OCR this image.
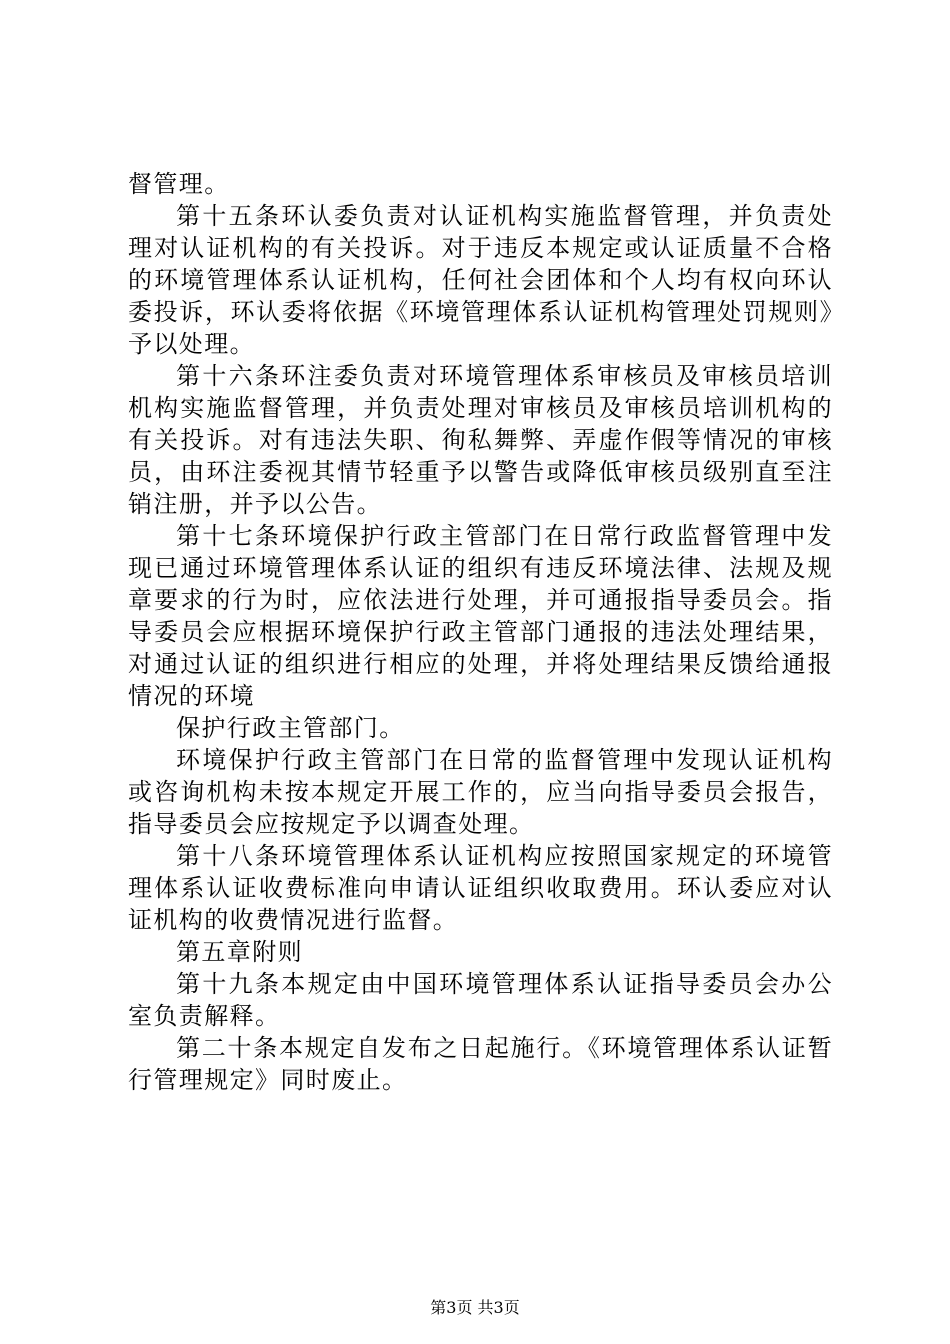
督管理。

第十五条环认委负责对认证机构实施监督管理，并负责处理对认证机构的有关投诉。对于违反本规定或认证质量不合格的环境管理体系认证机构，任何社会团体和个人均有权向环认委投诉，环认委将依据《环境管理体系认证机构管理处罚规则》予以处理。

第十六条环注委负责对环境管理体系审核员及审核员培训机构实施监督管理，并负责处理对审核员及审核员培训机构的有关投诉。对有违法失职、徇私舞弊、弄虚作假等情况的审核员，由环注委视其情节轻重予以警告或降低审核员级别直至注销注册，并予以公告。

第十七条环境保护行政主管部门在日常行政监督管理中发现已通过环境管理体系认证的组织有违反环境法律、法规及规章要求的行为时，应依法进行处理，并可通报指导委员会。指导委员会应根据环境保护行政主管部门通报的违法处理结果，对通过认证的组织进行相应的处理，并将处理结果反馈给通报情况的环境

保护行政主管部门。

环境保护行政主管部门在日常的监督管理中发现认证机构或咨询机构未按本规定开展工作的，应当向指导委员会报告，指导委员会应按规定予以调查处理。

第十八条环境管理体系认证机构应按照国家规定的环境管理体系认证收费标准向申请认证组织收取费用。环认委应对认证机构的收费情况进行监督。

第五章附则

第十九条本规定由中国环境管理体系认证指导委员会办公室负责解释。

第二十条本规定自发布之日起施行。《环境管理体系认证暂行管理规定》同时废止。

第3页 共3页
